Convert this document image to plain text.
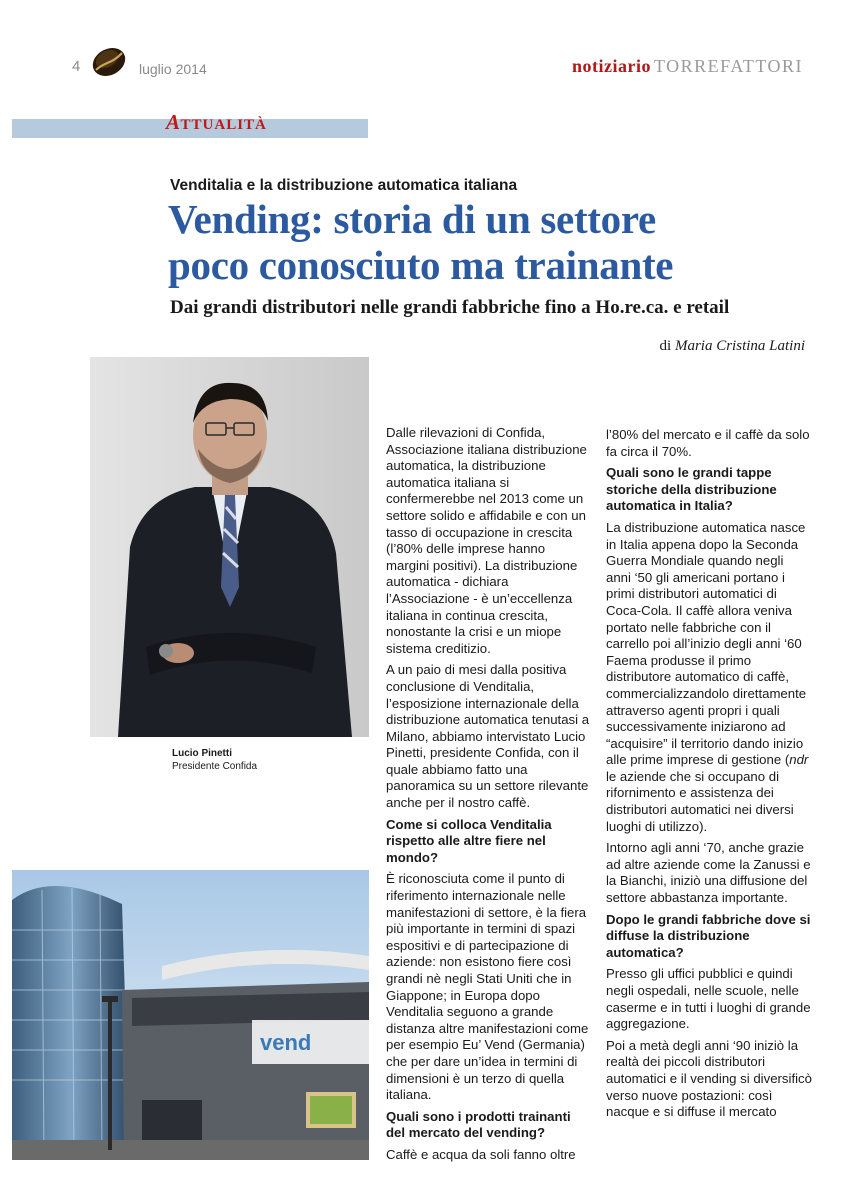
4	luglio 2014	notiziario TORREFATTORI
ATTUALITÀ
Venditalia e la distribuzione automatica italiana
Vending: storia di un settore
poco conosciuto ma trainante
Dai grandi distributori nelle grandi fabbriche fino a Ho.re.ca. e retail
di Maria Cristina Latini
Lucio Pinetti
Presidente Confida
vend

Dalle rilevazioni di Confida, Associazione italiana distribuzione automatica, la distribuzione automatica italiana si confermerebbe nel 2013 come un settore solido e affidabile e con un tasso di occupazione in crescita (l’80% delle imprese hanno margini positivi). La distribuzione automatica - dichiara l’Associazione - è un’eccellenza italiana in continua crescita, nonostante la crisi e un miope sistema creditizio.

A un paio di mesi dalla positiva conclusione di Venditalia, l’esposizione internazionale della distribuzione automatica tenutasi a Milano, abbiamo intervistato Lucio Pinetti, presidente Confida, con il quale abbiamo fatto una panoramica su un settore rilevante anche per il nostro caffè.

Come si colloca Venditalia rispetto alle altre fiere nel mondo?

È riconosciuta come il punto di riferimento internazionale nelle manifestazioni di settore, è la fiera più importante in termini di spazi espositivi e di partecipazione di aziende: non esistono fiere così grandi nè negli Stati Uniti che in Giappone; in Europa dopo Venditalia seguono a grande distanza altre manifestazioni come per esempio Eu’ Vend (Germania) che per dare un’idea in termini di dimensioni è un terzo di quella italiana.

Quali sono i prodotti trainanti del mercato del vending?

Caffè e acqua da soli fanno oltre

l’80% del mercato e il caffè da solo fa circa il 70%.

Quali sono le grandi tappe storiche della distribuzione automatica in Italia?

La distribuzione automatica nasce in Italia appena dopo la Seconda Guerra Mondiale quando negli anni ‘50 gli americani portano i primi distributori automatici di Coca-Cola. Il caffè allora veniva portato nelle fabbriche con il carrello poi all’inizio degli anni ‘60 Faema produsse il primo distributore automatico di caffè, commercializzandolo direttamente attraverso agenti propri i quali successivamente iniziarono ad “acquisire” il territorio dando inizio alle prime imprese di gestione (ndr le aziende che si occupano di rifornimento e assistenza dei distributori automatici nei diversi luoghi di utilizzo).

Intorno agli anni ‘70, anche grazie ad altre aziende come la Zanussi e la Bianchi, iniziò una diffusione del settore abbastanza importante.

Dopo le grandi fabbriche dove si diffuse la distribuzione automatica?

Presso gli uffici pubblici e quindi negli ospedali, nelle scuole, nelle caserme e in tutti i luoghi di grande aggregazione.

Poi a metà degli anni ‘90 iniziò la realtà dei piccoli distributori automatici e il vending si diversificò verso nuove postazioni: così nacque e si diffuse il mercato
